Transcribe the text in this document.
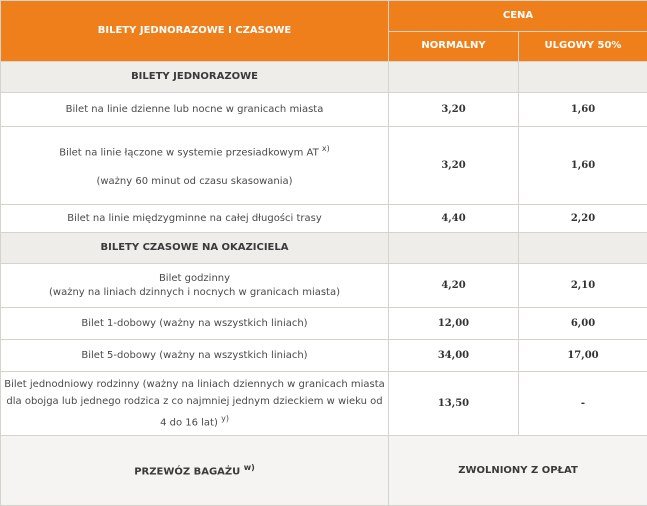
BILETY JEDNORAZOWE I CZASOWE	CENA	
	NORMALNY	ULGOWY 50%
BILETY JEDNORAZOWE		
Bilet na linie dzienne lub nocne w granicach miasta	3,20	1,60
Bilet na linie łączone w systemie przesiadkowym AT $^{x)}$
(ważny 60 minut od czasu skasowania)	3,20	1,60
Bilet na linie międzygminne na całej długości trasy	4,40	2,20
BILETY CZASOWE NA OKAZICIELA		

Bilet godzinny
(ważny na liniach dzinnych i nocnych w granicach miasta)	4,20	2,10
Bilet 1-dobowy (ważny na wszystkich liniach)	12,00	6,00
Bilet 5-dobowy (ważny na wszystkich liniach)	34,00	17,00
Bilet jednodniowy rodzinny (ważny na liniach dziennych w granicach miasta dla obojga lub jednego rodzica z co najmniej jednym dzieckiem w wieku od 4 do 16 lat) $^{y)}$	13,50	-
PRZEWÓZ BAGAŻU $^{w)}$	ZWOLNIONY Z OPŁAT	
